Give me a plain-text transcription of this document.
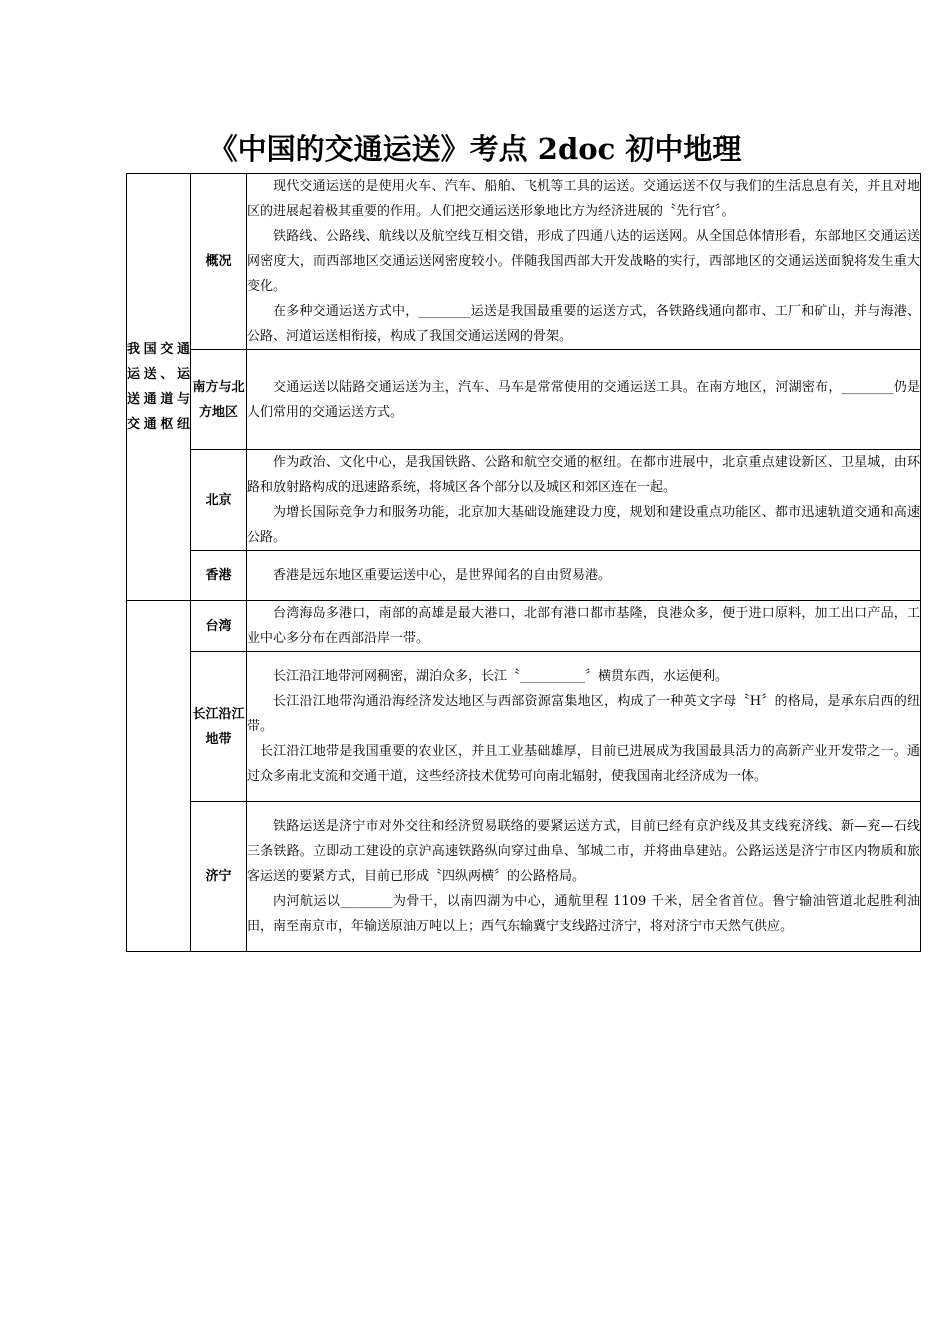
《中国的交通运送》考点 2doc 初中地理
我国交通运送、运送通道与交通枢纽	概况	现代交通运送的是使用火车、汽车、船舶、飞机等工具的运送。交通运送不仅与我们的生活息息有关，并且对地区的进展起着极其重要的作用。人们把交通运送形象地比方为经济进展的〝先行官〞。

铁路线、公路线、航线以及航空线互相交错，形成了四通八达的运送网。从全国总体情形看，东部地区交通运送网密度大，而西部地区交通运送网密度较小。伴随我国西部大开发战略的实行，西部地区的交通运送面貌将发生重大变化。

在多种交通运送方式中，________运送是我国最重要的运送方式，各铁路线通向都市、工厂和矿山，并与海港、公路、河道运送相衔接，构成了我国交通运送网的骨架。

	南方与北方地区	交通运送以陆路交通运送为主，汽车、马车是常常使用的交通运送工具。在南方地区，河湖密布，________仍是人们常用的交通运送方式。

	北京	作为政治、文化中心，是我国铁路、公路和航空交通的枢纽。在都市进展中，北京重点建设新区、卫星城，由环路和放射路构成的迅速路系统，将城区各个部分以及城区和郊区连在一起。

为增长国际竞争力和服务功能，北京加大基础设施建设力度，规划和建设重点功能区、都市迅速轨道交通和高速公路。

	香港	香港是远东地区重要运送中心，是世界闻名的自由贸易港。

	台湾	台湾海岛多港口，南部的高雄是最大港口，北部有港口都市基隆，良港众多，便于进口原料，加工出口产品，工业中心多分布在西部沿岸一带。

	长江沿江地带	长江沿江地带河网稠密，湖泊众多，长江〝__________〞横贯东西，水运便利。

长江沿江地带沟通沿海经济发达地区与西部资源富集地区，构成了一种英文字母〝H〞的格局，是承东启西的纽带。

长江沿江地带是我国重要的农业区，并且工业基础雄厚，目前已进展成为我国最具活力的高新产业开发带之一。通过众多南北支流和交通干道，这些经济技术优势可向南北辐射，使我国南北经济成为一体。

	济宁	铁路运送是济宁市对外交往和经济贸易联络的要紧运送方式，目前已经有京沪线及其支线兖济线、新—兖—石线三条铁路。立即动工建设的京沪高速铁路纵向穿过曲阜、邹城二市，并将曲阜建站。公路运送是济宁市区内物质和旅客运送的要紧方式，目前已形成〝四纵两横〞的公路格局。

内河航运以________为骨干，以南四湖为中心，通航里程 1109 千米，居全省首位。鲁宁输油管道北起胜利油田，南至南京市，年输送原油万吨以上；西气东输冀宁支线路过济宁，将对济宁市天然气供应。
